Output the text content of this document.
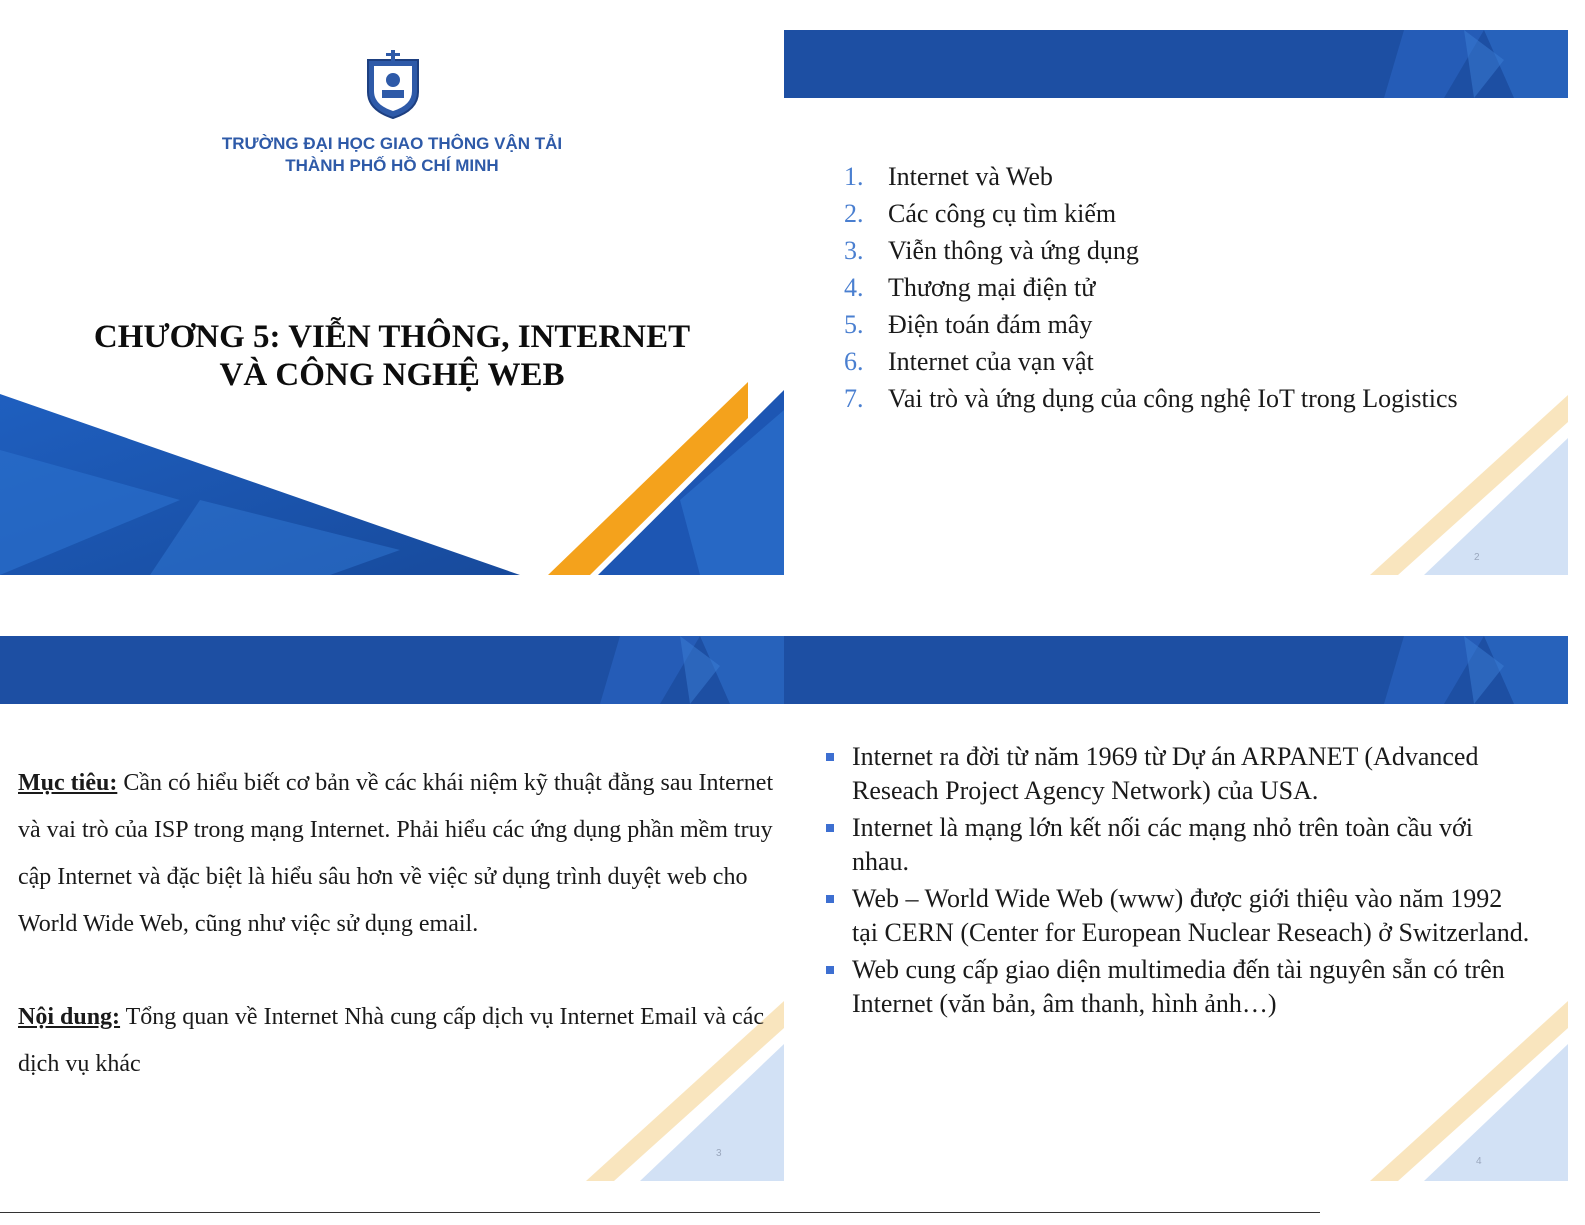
TRƯỜNG ĐẠI HỌC GIAO THÔNG VẬN TẢI
THÀNH PHỐ HỒ CHÍ MINH
CHƯƠNG 5: VIỄN THÔNG, INTERNET
VÀ CÔNG NGHỆ WEB
1. Internet và Web
2. Các công cụ tìm kiếm
3. Viễn thông và ứng dụng
4. Thương mại điện tử
5. Điện toán đám mây
6. Internet của vạn vật
7. Vai trò và ứng dụng của công nghệ IoT trong Logistics
2
Mục tiêu: Cần có hiểu biết cơ bản về các khái niệm kỹ thuật đằng sau Internet và vai trò của ISP trong mạng Internet. Phải hiểu các ứng dụng phần mềm truy cập Internet và đặc biệt là hiểu sâu hơn về việc sử dụng trình duyệt web cho World Wide Web, cũng như việc sử dụng email.
Nội dung: Tổng quan về Internet Nhà cung cấp dịch vụ Internet Email và các dịch vụ khác
3
Internet ra đời từ năm 1969 từ Dự án ARPANET (Advanced Reseach Project Agency Network) của USA.
Internet là mạng lớn kết nối các mạng nhỏ trên toàn cầu với nhau.
Web – World Wide Web (www) được giới thiệu vào năm 1992 tại CERN (Center for European Nuclear Reseach) ở Switzerland.
Web cung cấp giao diện multimedia đến tài nguyên sẵn có trên Internet (văn bản, âm thanh, hình ảnh…)
4
